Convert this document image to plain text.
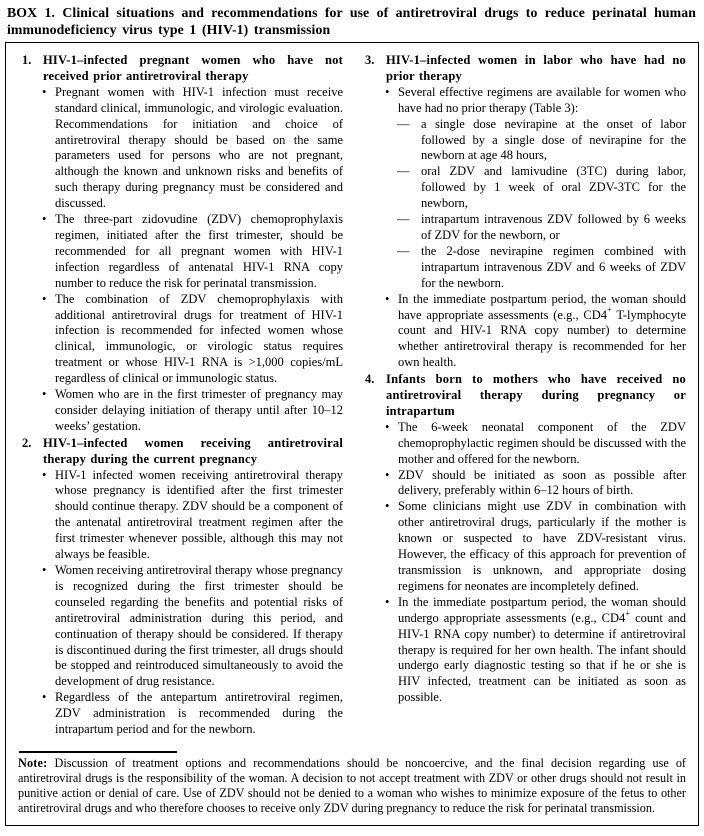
BOX 1. Clinical situations and recommendations for use of antiretroviral drugs to reduce perinatal human immunodeficiency virus type 1 (HIV-1) transmission
1. HIV-1–infected pregnant women who have not received prior antiretroviral therapy
• Pregnant women with HIV-1 infection must receive standard clinical, immunologic, and virologic evaluation. Recommendations for initiation and choice of antiretroviral therapy should be based on the same parameters used for persons who are not pregnant, although the known and unknown risks and benefits of such therapy during pregnancy must be considered and discussed.
• The three-part zidovudine (ZDV) chemoprophylaxis regimen, initiated after the first trimester, should be recommended for all pregnant women with HIV-1 infection regardless of antenatal HIV-1 RNA copy number to reduce the risk for perinatal transmission.
• The combination of ZDV chemoprophylaxis with additional antiretroviral drugs for treatment of HIV-1 infection is recommended for infected women whose clinical, immunologic, or virologic status requires treatment or whose HIV-1 RNA is >1,000 copies/mL regardless of clinical or immunologic status.
• Women who are in the first trimester of pregnancy may consider delaying initiation of therapy until after 10–12 weeks’ gestation.
2. HIV-1–infected women receiving antiretroviral therapy during the current pregnancy
• HIV-1 infected women receiving antiretroviral therapy whose pregnancy is identified after the first trimester should continue therapy. ZDV should be a component of the antenatal antiretroviral treatment regimen after the first trimester whenever possible, although this may not always be feasible.
• Women receiving antiretroviral therapy whose pregnancy is recognized during the first trimester should be counseled regarding the benefits and potential risks of antiretroviral administration during this period, and continuation of therapy should be considered. If therapy is discontinued during the first trimester, all drugs should be stopped and reintroduced simultaneously to avoid the development of drug resistance.
• Regardless of the antepartum antiretroviral regimen, ZDV administration is recommended during the intrapartum period and for the newborn.
3. HIV-1–infected women in labor who have had no prior therapy
• Several effective regimens are available for women who have had no prior therapy (Table 3):
— a single dose nevirapine at the onset of labor followed by a single dose of nevirapine for the newborn at age 48 hours,
— oral ZDV and lamivudine (3TC) during labor, followed by 1 week of oral ZDV-3TC for the newborn,
— intrapartum intravenous ZDV followed by 6 weeks of ZDV for the newborn, or
— the 2-dose nevirapine regimen combined with intrapartum intravenous ZDV and 6 weeks of ZDV for the newborn.
• In the immediate postpartum period, the woman should have appropriate assessments (e.g., CD4+ T-lymphocyte count and HIV-1 RNA copy number) to determine whether antiretroviral therapy is recommended for her own health.
4. Infants born to mothers who have received no antiretroviral therapy during pregnancy or intrapartum
• The 6-week neonatal component of the ZDV chemoprophylactic regimen should be discussed with the mother and offered for the newborn.
• ZDV should be initiated as soon as possible after delivery, preferably within 6–12 hours of birth.
• Some clinicians might use ZDV in combination with other antiretroviral drugs, particularly if the mother is known or suspected to have ZDV-resistant virus. However, the efficacy of this approach for prevention of transmission is unknown, and appropriate dosing regimens for neonates are incompletely defined.
• In the immediate postpartum period, the woman should undergo appropriate assessments (e.g., CD4+ count and HIV-1 RNA copy number) to determine if antiretroviral therapy is required for her own health. The infant should undergo early diagnostic testing so that if he or she is HIV infected, treatment can be initiated as soon as possible.

Note: Discussion of treatment options and recommendations should be noncoercive, and the final decision regarding use of antiretroviral drugs is the responsibility of the woman. A decision to not accept treatment with ZDV or other drugs should not result in punitive action or denial of care. Use of ZDV should not be denied to a woman who wishes to minimize exposure of the fetus to other antiretroviral drugs and who therefore chooses to receive only ZDV during pregnancy to reduce the risk for perinatal transmission.
